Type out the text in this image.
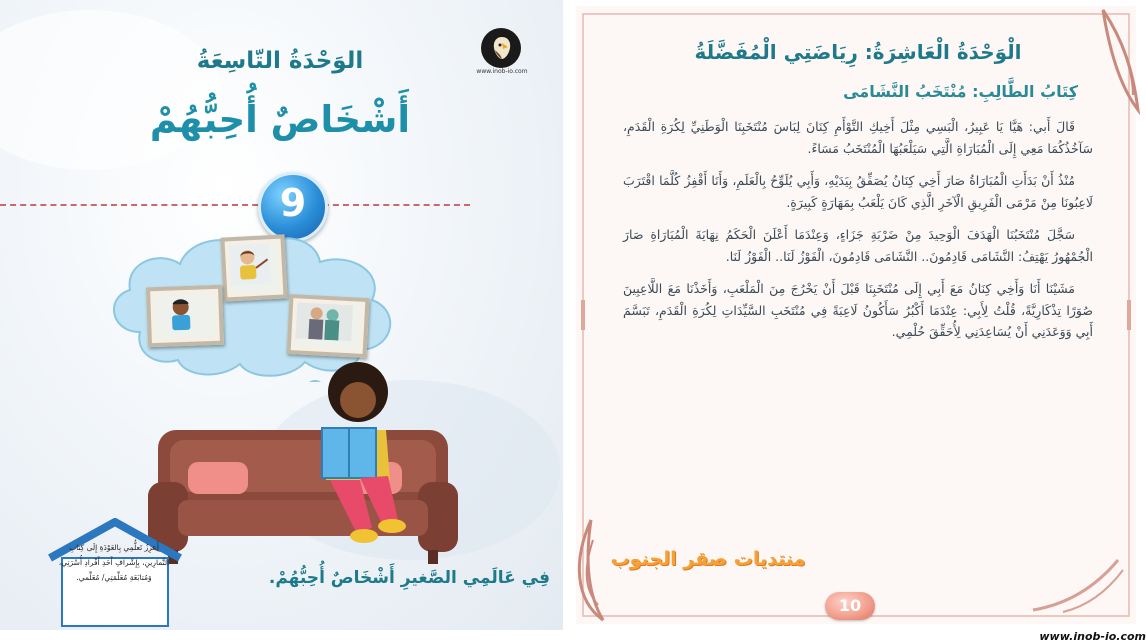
www.inob-io.com
الوَحْدَةُ التّاسِعَةُ
أَشْخَاصٌ أُحِبُّهُمْ
9
أَعزِزُ تَعلُّمِي بِالعَوْدَةِ إِلَى كِتابِ التَّمارِينِ، بِإِشْرافِ أَحَدِ أَفْرادِ أُسْرَتِي، وَمُتابَعَةِ مُعَلِّمَتِي/ مُعَلِّمي.	فِي عَالَمِي الصَّغيرِ أَشْخَاصٌ أُحِبُّهُمْ.
الْوَحْدَةُ الْعَاشِرَةُ: رِيَاضَتِي الْمُفَضَّلَةُ
كِتَابُ الطَّالِبِ: مُنْتَخَبُ النَّشَامَى

قَالَ أَبي: هَيَّا يَا عَبِيرُ، الْبَسِي مِثْلَ أَخِيكِ التَّوْأَمِ كِنَانَ لِبَاسَ مُنْتَخَبِنَا الْوَطَنِيِّ لِكُرَةِ الْقَدَمِ، سَآخُذُكُمَا مَعِي إِلَى الْمُبَارَاةِ الَّتِي سَيَلْعَبُهَا الْمُنْتَخَبُ مَسَاءً.

مُنْذُ أَنْ بَدَأَتِ الْمُبَارَاةُ صَارَ أَخِي كِنَانُ يُصَفِّقُ بِيَدَيْهِ، وَأَبِي يُلَوِّحُ بِالْعَلَمِ، وَأَنَا أَقْفِزُ كُلَّمَا اقْتَرَبَ لَاعِبُونَا مِنْ مَرْمَى الْفَرِيقِ الْآخَرِ الَّذِي كَانَ يَلْعَبُ بِمَهَارَةٍ كَبِيرَةٍ.

سَجَّلَ مُنْتَخَبُنَا الْهَدَفَ الْوَحِيدَ مِنْ ضَرْبَةِ جَزَاءٍ، وَعِنْدَمَا أَعْلَنَ الْحَكَمُ نِهَايَةَ الْمُبَارَاةِ صَارَ الْجُمْهُورُ يَهْتِفُ: النَّشَامَى قَادِمُونَ.. النَّشَامَى قَادِمُونَ، الْفَوْزُ لَنَا.. الْفَوْزُ لَنَا.

مَشَيْنَا أَنَا وَأَخِي كِنَانُ مَعَ أَبِي إِلَى مُنْتَخَبِنَا قَبْلَ أَنْ يَخْرُجَ مِنَ الْمَلْعَبِ، وَأَخَذْنَا مَعَ اللَّاعِبِينَ صُوَرًا تِذْكَارِيَّةً، قُلْتُ لِأَبِي: عِنْدَمَا أَكْبُرُ سَأَكُونُ لَاعِبَةً فِي مُنْتَخَبِ السَّيِّدَاتِ لِكُرَةِ الْقَدَمِ، تَبَسَّمَ أَبِي وَوَعَدَنِي أَنْ يُسَاعِدَنِي لِأُحَقِّقَ حُلْمِي.

منتديات صقر الجنوب
10
www.inob-io.com
